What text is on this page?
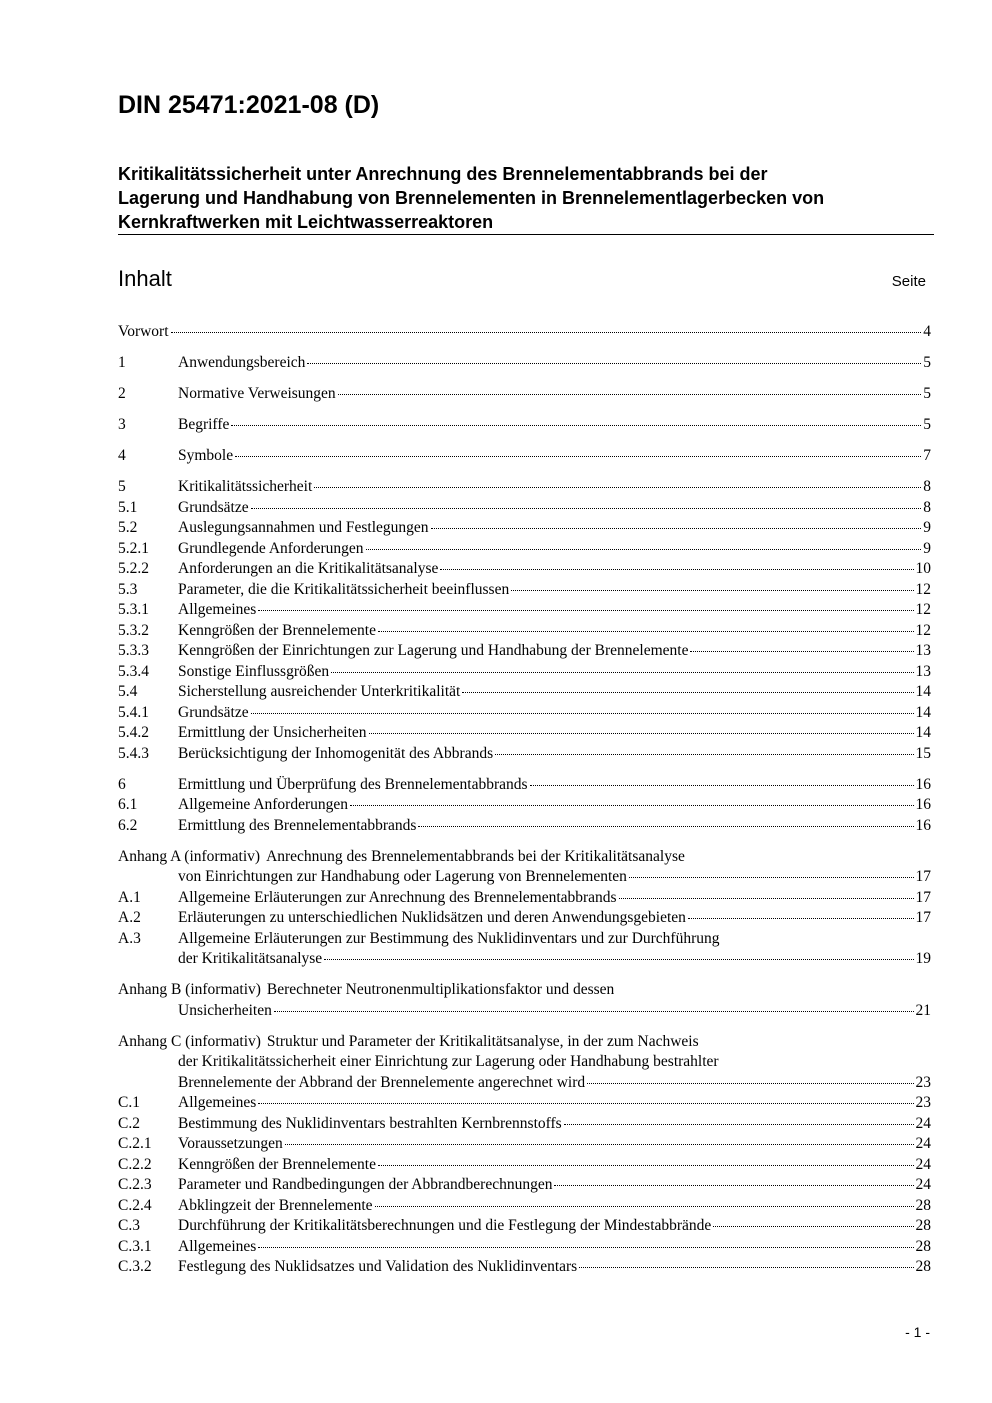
DIN 25471:2021-08 (D)
Kritikalitätssicherheit unter Anrechnung des Brennelementabbrands bei der
Lagerung und Handhabung von Brennelementen in Brennelementlagerbecken von
Kernkraftwerken mit Leichtwasserreaktoren
Inhalt	Seite
Vorwort	4
1	Anwendungsbereich	5
2	Normative Verweisungen	5
3	Begriffe	5
4	Symbole	7
5	Kritikalitätssicherheit	8
5.1	Grundsätze	8
5.2	Auslegungsannahmen und Festlegungen	9
5.2.1	Grundlegende Anforderungen	9
5.2.2	Anforderungen an die Kritikalitätsanalyse	10
5.3	Parameter, die die Kritikalitätssicherheit beeinflussen	12
5.3.1	Allgemeines	12
5.3.2	Kenngrößen der Brennelemente	12
5.3.3	Kenngrößen der Einrichtungen zur Lagerung und Handhabung der Brennelemente	13
5.3.4	Sonstige Einflussgrößen	13
5.4	Sicherstellung ausreichender Unterkritikalität	14
5.4.1	Grundsätze	14
5.4.2	Ermittlung der Unsicherheiten	14
5.4.3	Berücksichtigung der Inhomogenität des Abbrands	15
6	Ermittlung und Überprüfung des Brennelementabbrands	16
6.1	Allgemeine Anforderungen	16
6.2	Ermittlung des Brennelementabbrands	16
Anhang A (informativ) Anrechnung des Brennelementabbrands bei der Kritikalitätsanalyse
von Einrichtungen zur Handhabung oder Lagerung von Brennelementen	17
A.1	Allgemeine Erläuterungen zur Anrechnung des Brennelementabbrands	17
A.2	Erläuterungen zu unterschiedlichen Nuklidsätzen und deren Anwendungsgebieten	17
A.3	Allgemeine Erläuterungen zur Bestimmung des Nuklidinventars und zur Durchführung
der Kritikalitätsanalyse	19
Anhang B (informativ) Berechneter Neutronenmultiplikationsfaktor und dessen
Unsicherheiten	21
Anhang C (informativ) Struktur und Parameter der Kritikalitätsanalyse, in der zum Nachweis
der Kritikalitätssicherheit einer Einrichtung zur Lagerung oder Handhabung bestrahlter
Brennelemente der Abbrand der Brennelemente angerechnet wird	23
C.1	Allgemeines	23
C.2	Bestimmung des Nuklidinventars bestrahlten Kernbrennstoffs	24
C.2.1	Voraussetzungen	24
C.2.2	Kenngrößen der Brennelemente	24
C.2.3	Parameter und Randbedingungen der Abbrandberechnungen	24
C.2.4	Abklingzeit der Brennelemente	28
C.3	Durchführung der Kritikalitätsberechnungen und die Festlegung der Mindestabbrände	28
C.3.1	Allgemeines	28
C.3.2	Festlegung des Nuklidsatzes und Validation des Nuklidinventars	28
- 1 -
